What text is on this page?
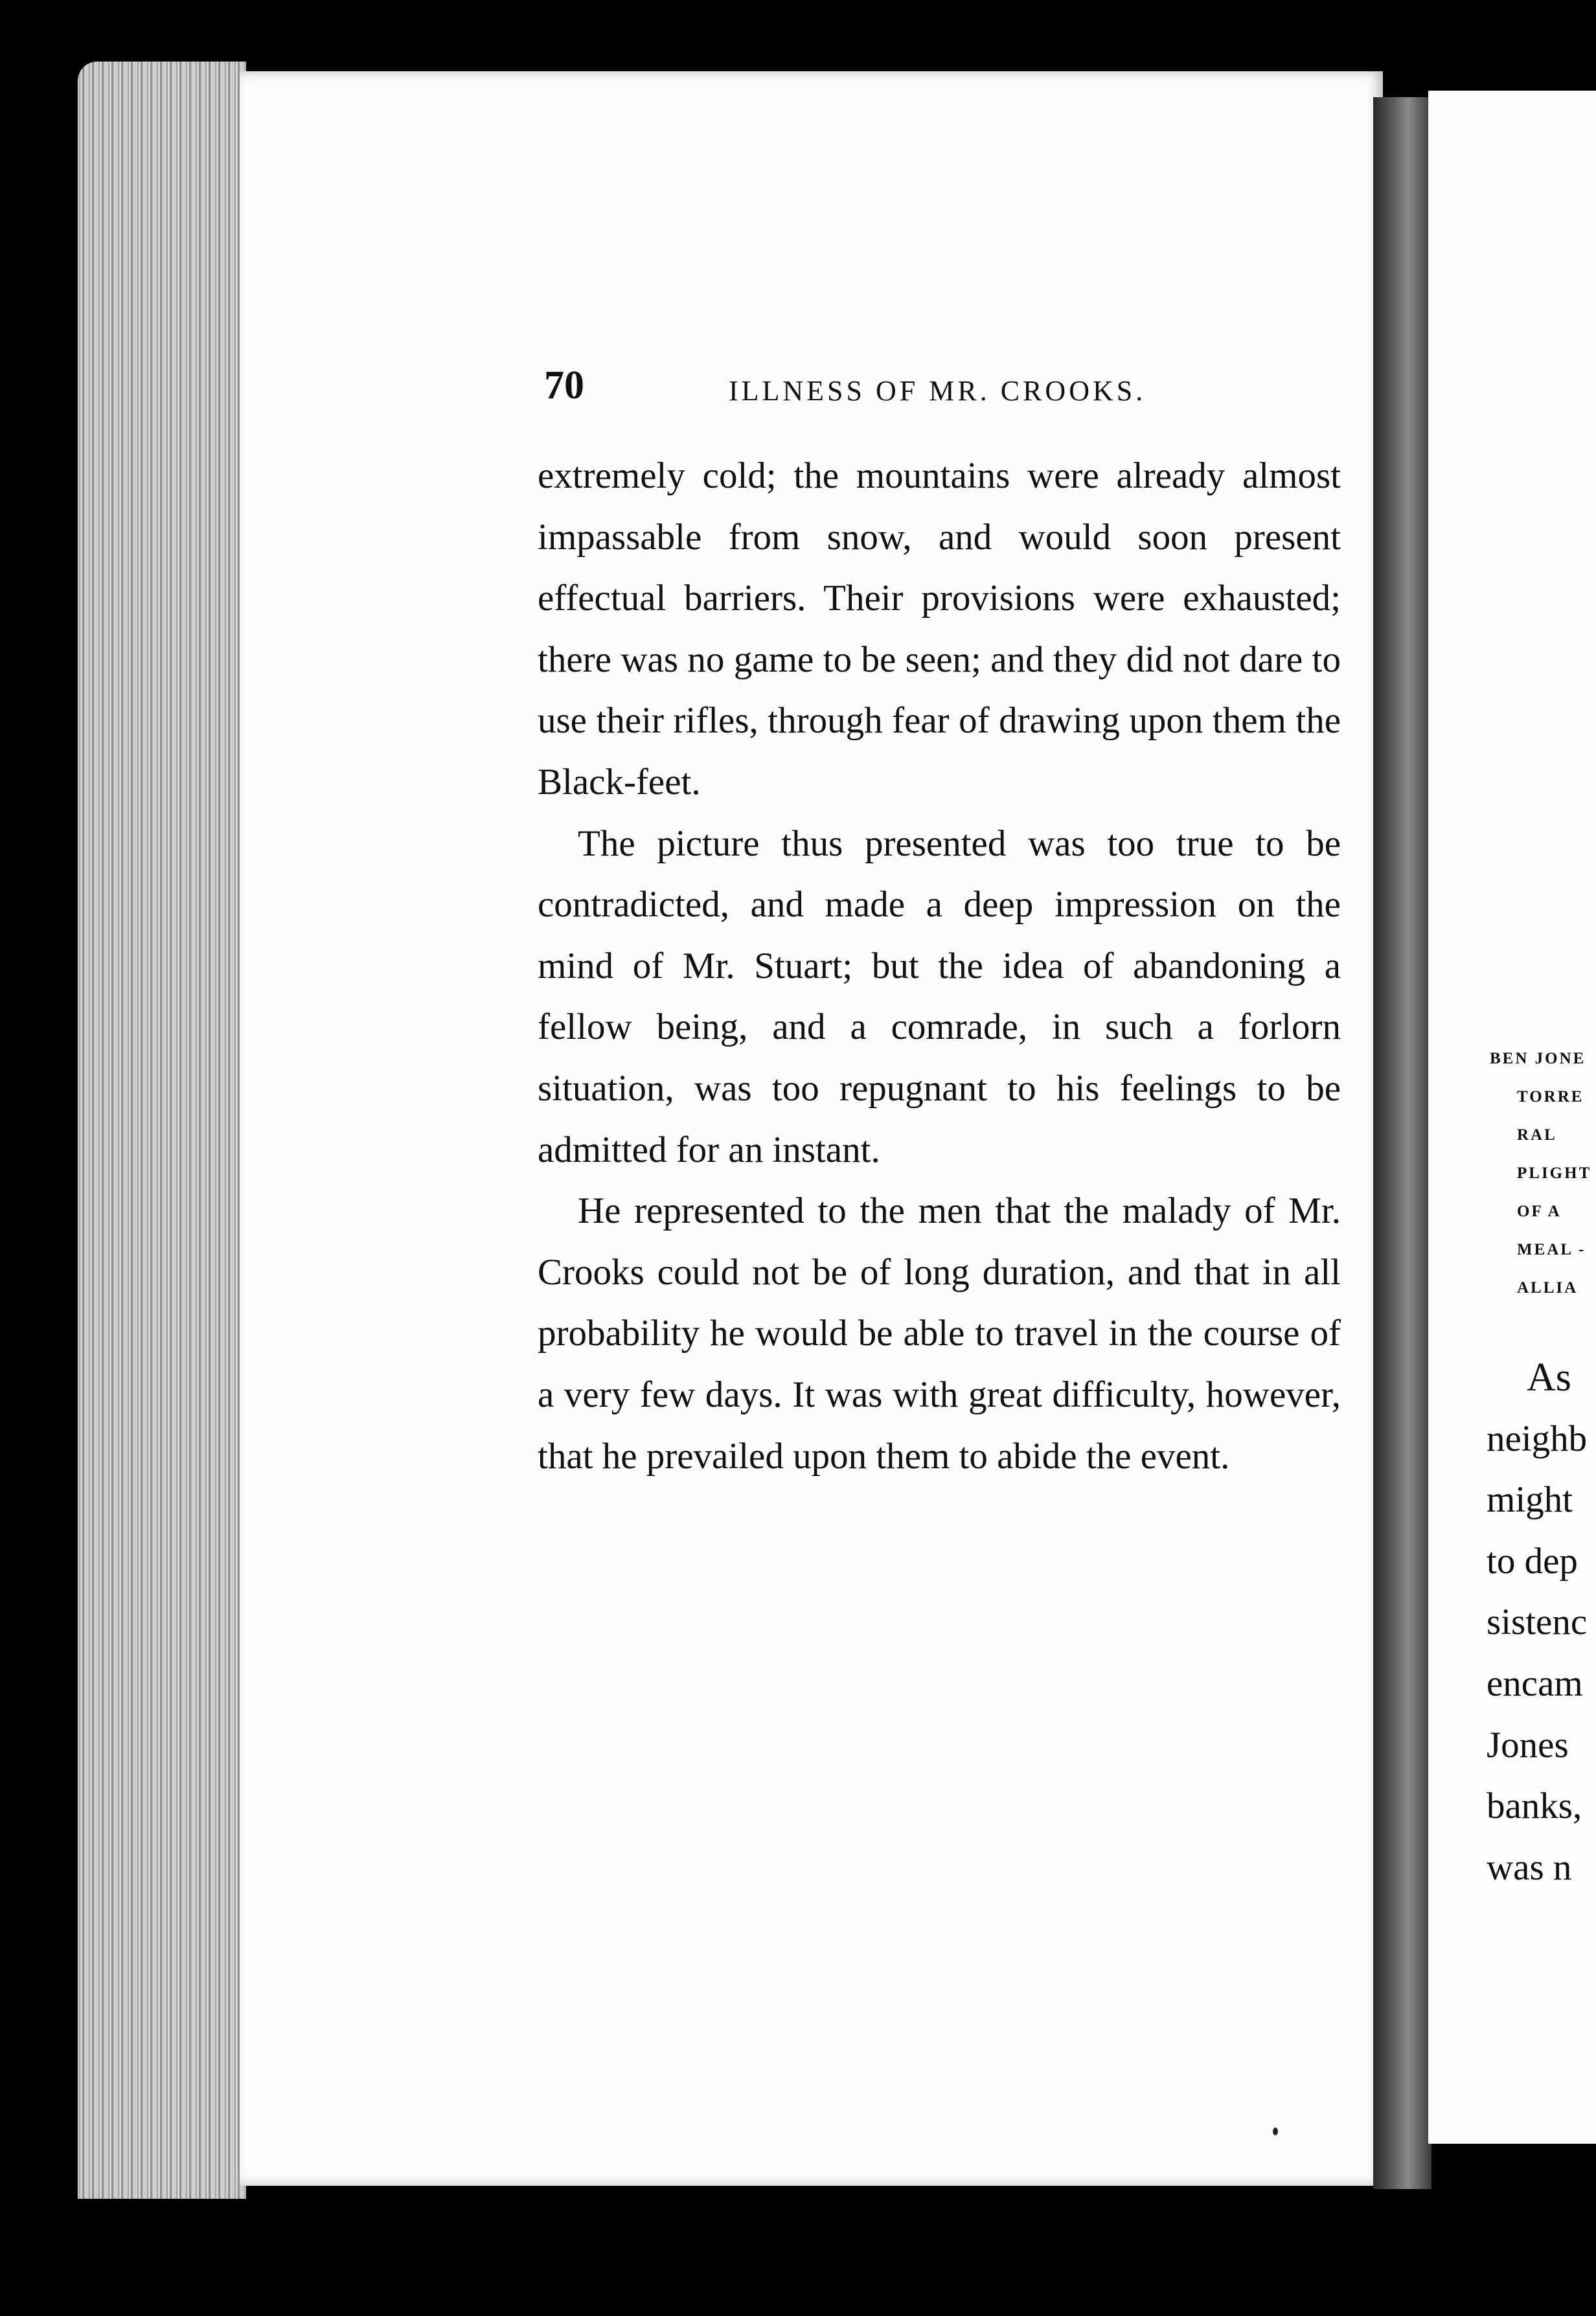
70	ILLNESS OF MR. CROOKS.

extremely cold; the mountains were already almost impassable from snow, and would soon present effectual barriers. Their provisions were exhausted; there was no game to be seen; and they did not dare to use their rifles, through fear of drawing upon them the Black-feet.

The picture thus presented was too true to be contradicted, and made a deep impression on the mind of Mr. Stuart; but the idea of abandoning a fellow being, and a comrade, in such a forlorn situation, was too repugnant to his feelings to be admitted for an instant.

He represented to the men that the malady of Mr. Crooks could not be of long duration, and that in all probability he would be able to travel in the course of a very few days. It was with great difficulty, however, that he prevailed upon them to abide the event.

BEN JONE
TORRE
RAL
PLIGHT
OF A
MEAL -
ALLIA
As
neighb
might
to dep
sistenc
encam
Jones
banks,
was n
